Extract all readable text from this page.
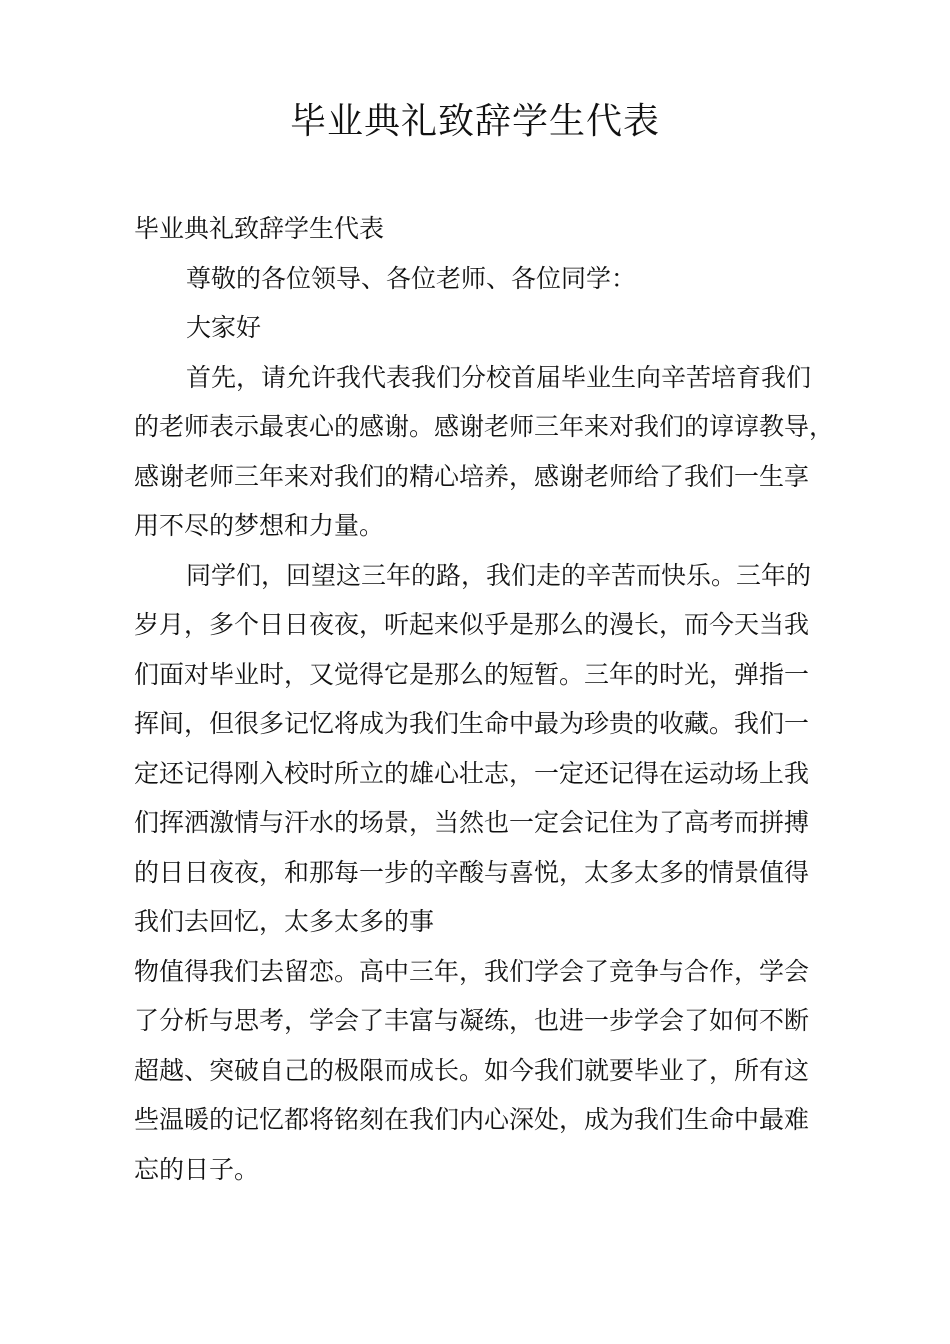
毕业典礼致辞学生代表
毕业典礼致辞学生代表
尊敬的各位领导、各位老师、各位同学：
大家好
首先，请允许我代表我们分校首届毕业生向辛苦培育我们
的老师表示最衷心的感谢。感谢老师三年来对我们的谆谆教导，
感谢老师三年来对我们的精心培养，感谢老师给了我们一生享
用不尽的梦想和力量。
同学们，回望这三年的路，我们走的辛苦而快乐。三年的
岁月，多个日日夜夜，听起来似乎是那么的漫长，而今天当我
们面对毕业时，又觉得它是那么的短暂。三年的时光，弹指一
挥间，但很多记忆将成为我们生命中最为珍贵的收藏。我们一
定还记得刚入校时所立的雄心壮志，一定还记得在运动场上我
们挥洒激情与汗水的场景，当然也一定会记住为了高考而拼搏
的日日夜夜，和那每一步的辛酸与喜悦，太多太多的情景值得
我们去回忆，太多太多的事
物值得我们去留恋。高中三年，我们学会了竞争与合作，学会
了分析与思考，学会了丰富与凝练，也进一步学会了如何不断
超越、突破自己的极限而成长。如今我们就要毕业了，所有这
些温暖的记忆都将铭刻在我们内心深处，成为我们生命中最难
忘的日子。
